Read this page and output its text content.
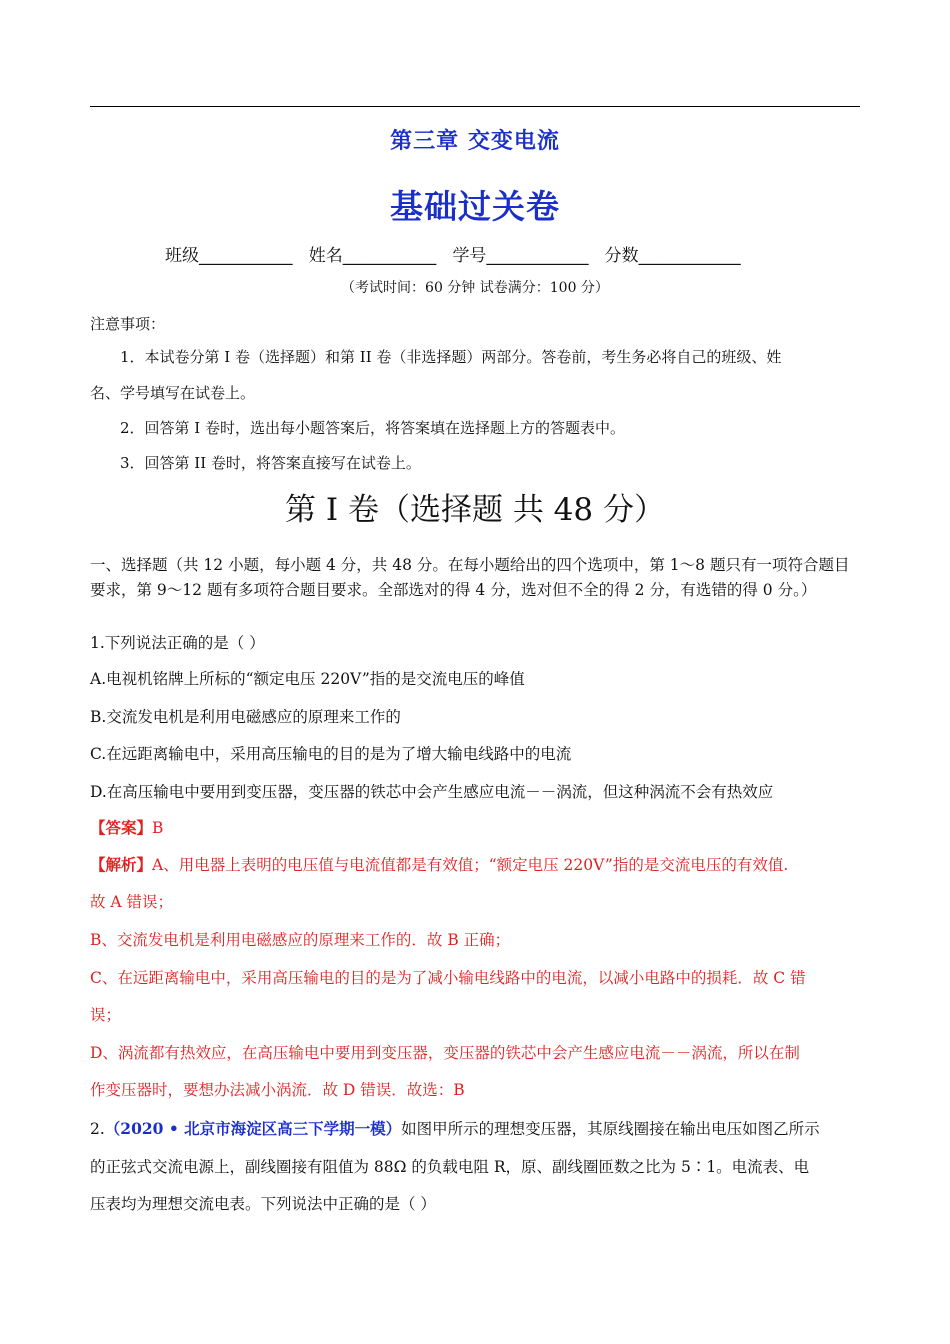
第三章 交变电流
基础过关卷
班级___________ 姓名___________ 学号____________ 分数____________
（考试时间：60 分钟 试卷满分：100 分）
注意事项：
1．本试卷分第 I 卷（选择题）和第 II 卷（非选择题）两部分。答卷前，考生务必将自己的班级、姓
名、学号填写在试卷上。
2．回答第 I 卷时，选出每小题答案后，将答案填在选择题上方的答题表中。
3．回答第 II 卷时，将答案直接写在试卷上。
第 I 卷（选择题 共 48 分）
一、选择题（共 12 小题，每小题 4 分，共 48 分。在每小题给出的四个选项中，第 1～8 题只有一项符合题目要求，第 9～12 题有多项符合题目要求。全部选对的得 4 分，选对但不全的得 2 分，有选错的得 0 分。）
1.下列说法正确的是（ ）
A.电视机铭牌上所标的“额定电压 220V”指的是交流电压的峰值
B.交流发电机是利用电磁感应的原理来工作的
C.在远距离输电中，采用高压输电的目的是为了增大输电线路中的电流
D.在高压输电中要用到变压器，变压器的铁芯中会产生感应电流－－涡流，但这种涡流不会有热效应
【答案】B
【解析】A、用电器上表明的电压值与电流值都是有效值；“额定电压 220V”指的是交流电压的有效值.
故 A 错误；
B、交流发电机是利用电磁感应的原理来工作的．故 B 正确；
C、在远距离输电中，采用高压输电的目的是为了减小输电线路中的电流，以减小电路中的损耗．故 C 错
误；
D、涡流都有热效应，在高压输电中要用到变压器，变压器的铁芯中会产生感应电流－－涡流，所以在制
作变压器时，要想办法减小涡流．故 D 错误．故选：B
2.（2020 • 北京市海淀区高三下学期一模）如图甲所示的理想变压器，其原线圈接在输出电压如图乙所示
的正弦式交流电源上，副线圈接有阻值为 88Ω 的负载电阻 R，原、副线圈匝数之比为 5∶1。电流表、电
压表均为理想交流电表。下列说法中正确的是（ ）
